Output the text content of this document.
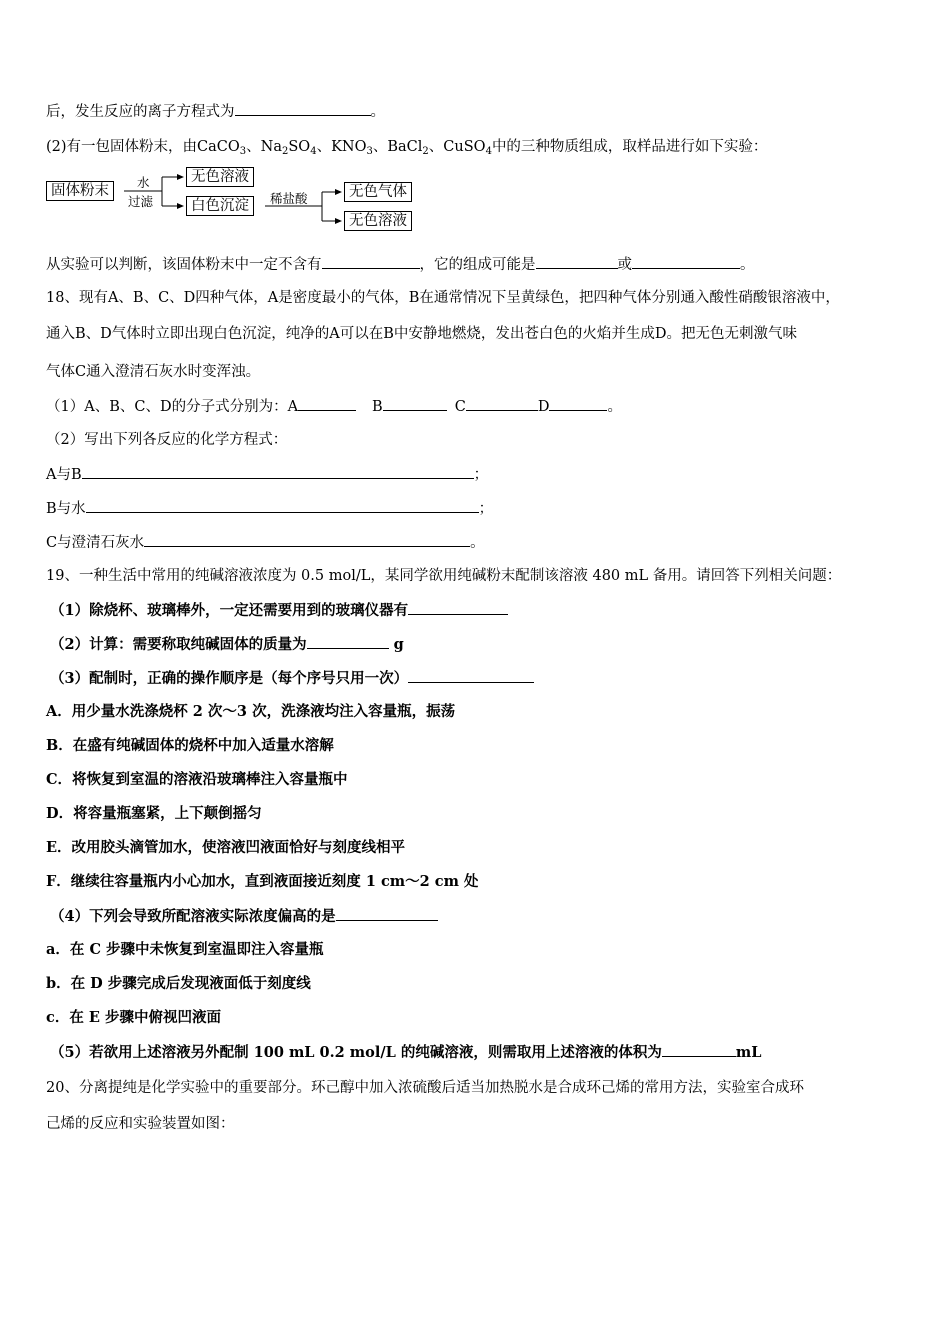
后，发生反应的离子方程式为	。
(2)有一包固体粉末，由CaCO$_3$、$Na_2SO_4$、$KNO_3$、BaCl$_2$、CuSO$_4$中的三种物质组成，取样品进行如下实验：
固体粉末
水
过滤
无色溶液
白色沉淀	稀盐酸	无色气体
无色溶液
从实验可以判断，该固体粉末中一定不含有	，它的组成可能是	或	。
18、现有A、B、C、D四种气体，A是密度最小的气体，B在通常情况下呈黄绿色，把四种气体分别通入酸性硝酸银溶液中，
通入B、D气体时立即出现白色沉淀，纯净的A可以在B中安静地燃烧，发出苍白色的火焰并生成D。把无色无刺激气味
气体C通入澄清石灰水时变浑浊。
（1）A、B、C、D的分子式分别为：A	B	C	D	。
（2）写出下列各反应的化学方程式：
A与B	；
B与水	；
C与澄清石灰水	。
19、一种生活中常用的纯碱溶液浓度为 0.5 mol/L，某同学欲用纯碱粉末配制该溶液 480 mL 备用。请回答下列相关问题：
（1）除烧杯、玻璃棒外，一定还需要用到的玻璃仪器有
（2）计算：需要称取纯碱固体的质量为	g
（3）配制时，正确的操作顺序是（每个序号只用一次）
A．用少量水洗涤烧杯 2 次～3 次，洗涤液均注入容量瓶，振荡
B．在盛有纯碱固体的烧杯中加入适量水溶解
C．将恢复到室温的溶液沿玻璃棒注入容量瓶中
D．将容量瓶塞紧，上下颠倒摇匀
E．改用胶头滴管加水，使溶液凹液面恰好与刻度线相平
F．继续往容量瓶内小心加水，直到液面接近刻度 1 cm～2 cm 处
（4）下列会导致所配溶液实际浓度偏高的是
a．在 C 步骤中未恢复到室温即注入容量瓶
b．在 D 步骤完成后发现液面低于刻度线
c．在 E 步骤中俯视凹液面
（5）若欲用上述溶液另外配制 100 mL 0.2 mol/L 的纯碱溶液，则需取用上述溶液的体积为	mL
20、分离提纯是化学实验中的重要部分。环己醇中加入浓硫酸后适当加热脱水是合成环己烯的常用方法，实验室合成环
己烯的反应和实验装置如图：
